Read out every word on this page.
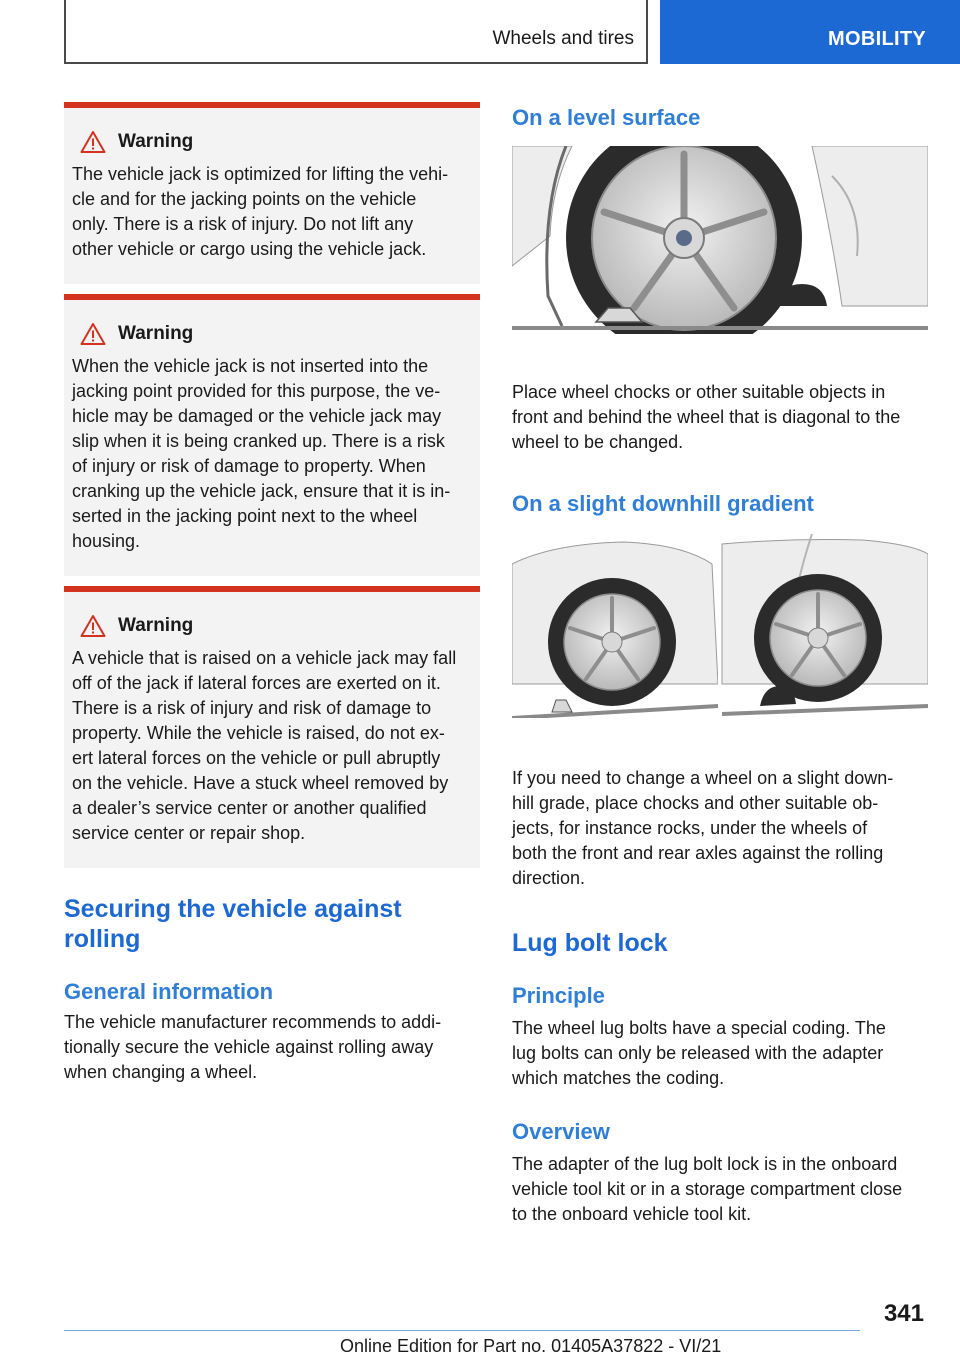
Wheels and tires	MOBILITY
Warning
The vehicle jack is optimized for lifting the vehi-
cle and for the jacking points on the vehicle
only. There is a risk of injury. Do not lift any
other vehicle or cargo using the vehicle jack.
Warning
When the vehicle jack is not inserted into the
jacking point provided for this purpose, the ve-
hicle may be damaged or the vehicle jack may
slip when it is being cranked up. There is a risk
of injury or risk of damage to property. When
cranking up the vehicle jack, ensure that it is in-
serted in the jacking point next to the wheel
housing.
Warning
A vehicle that is raised on a vehicle jack may fall
off of the jack if lateral forces are exerted on it.
There is a risk of injury and risk of damage to
property. While the vehicle is raised, do not ex-
ert lateral forces on the vehicle or pull abruptly
on the vehicle. Have a stuck wheel removed by
a dealer’s service center or another qualified
service center or repair shop.
Securing the vehicle against
rolling
General information
The vehicle manufacturer recommends to addi-
tionally secure the vehicle against rolling away
when changing a wheel.
On a level surface
Place wheel chocks or other suitable objects in
front and behind the wheel that is diagonal to the
wheel to be changed.
On a slight downhill gradient
If you need to change a wheel on a slight down-
hill grade, place chocks and other suitable ob-
jects, for instance rocks, under the wheels of
both the front and rear axles against the rolling
direction.
Lug bolt lock
Principle
The wheel lug bolts have a special coding. The
lug bolts can only be released with the adapter
which matches the coding.
Overview
The adapter of the lug bolt lock is in the onboard
vehicle tool kit or in a storage compartment close
to the onboard vehicle tool kit.
341
Online Edition for Part no. 01405A37822 - VI/21
